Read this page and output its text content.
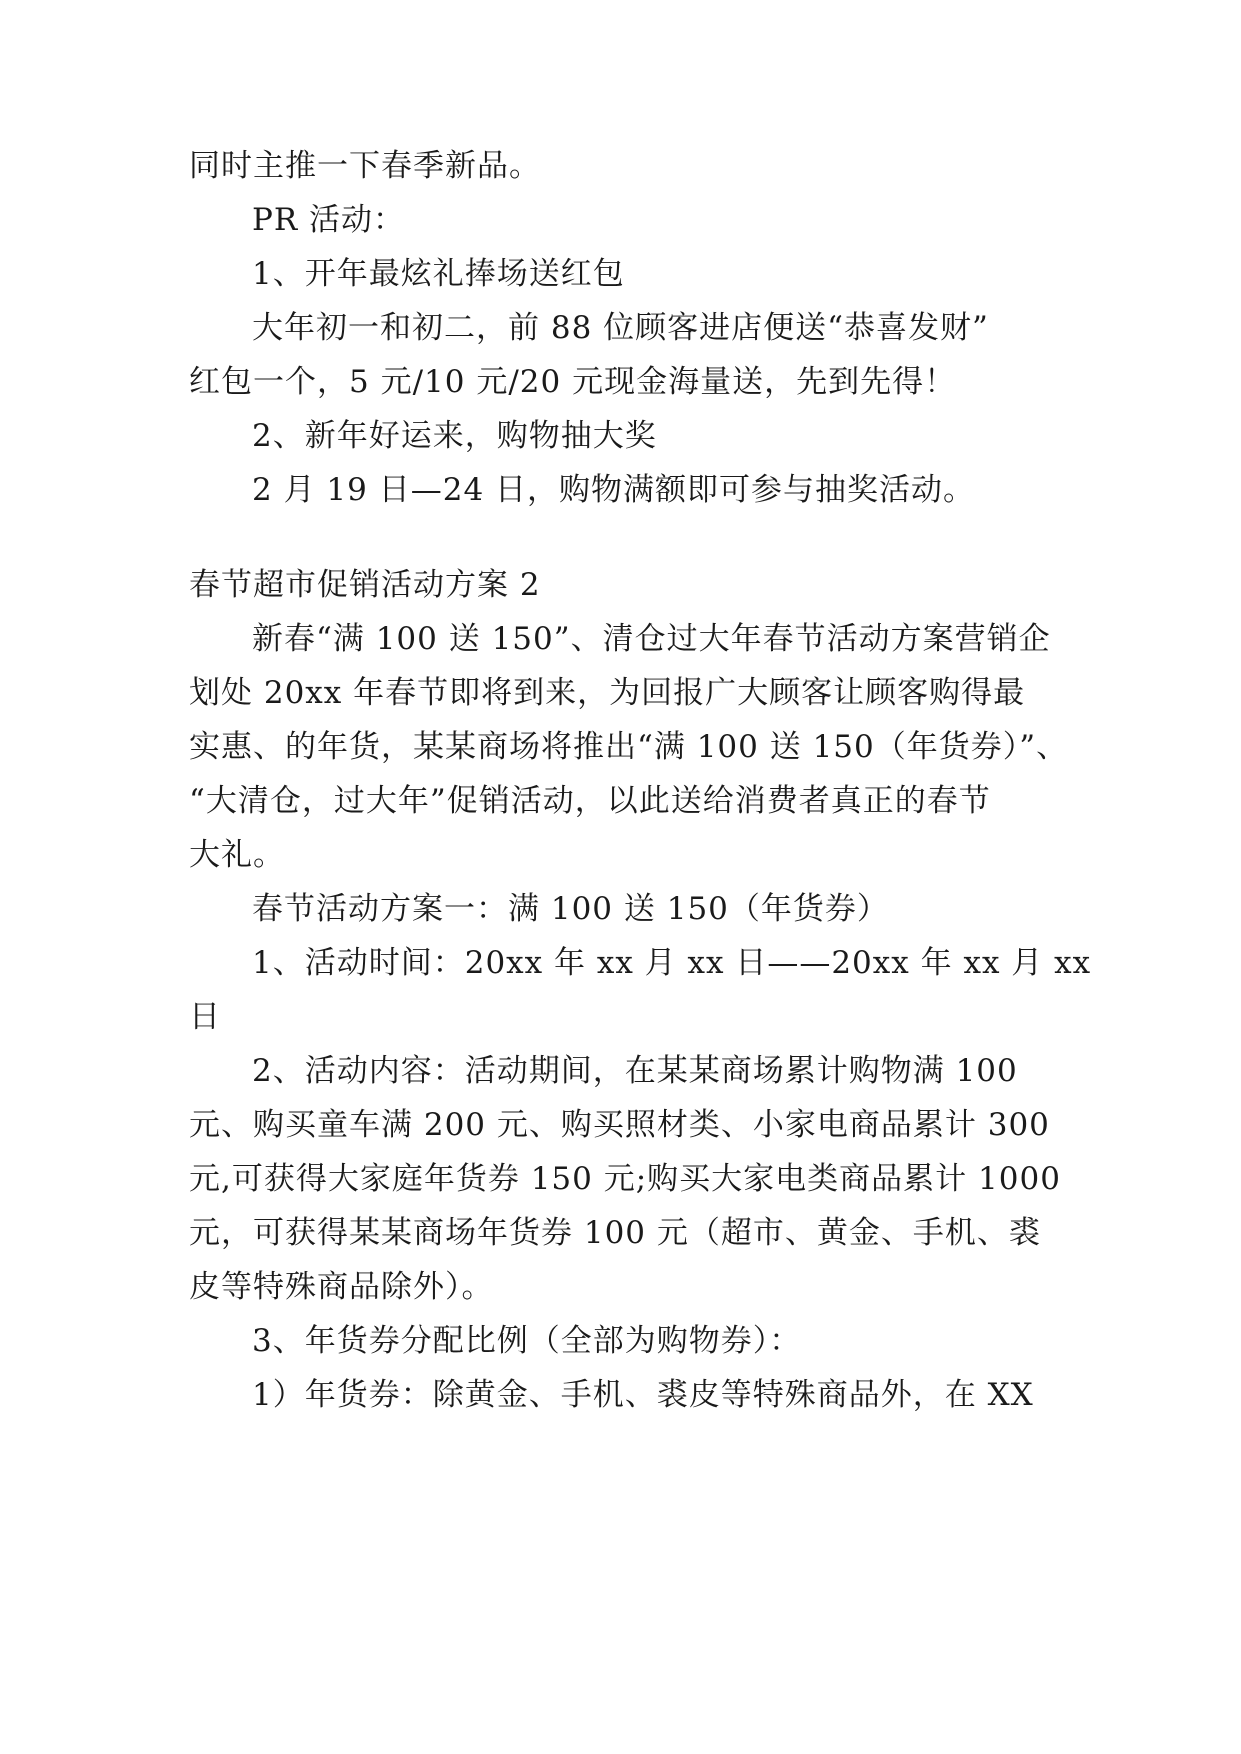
同时主推一下春季新品。

PR 活动：

1、开年最炫礼捧场送红包

大年初一和初二，前 88 位顾客进店便送“恭喜发财”

红包一个，5 元/10 元/20 元现金海量送，先到先得！

2、新年好运来，购物抽大奖

2 月 19 日—24 日，购物满额即可参与抽奖活动。

春节超市促销活动方案 2

新春“满 100 送 150”、清仓过大年春节活动方案营销企

划处 20xx 年春节即将到来，为回报广大顾客让顾客购得最

实惠、的年货，某某商场将推出“满 100 送 150（年货券）”、

“大清仓，过大年”促销活动，以此送给消费者真正的春节

大礼。

春节活动方案一：满 100 送 150（年货券）

1、活动时间：20xx 年 xx 月 xx 日——20xx 年 xx 月 xx

日

2、活动内容：活动期间，在某某商场累计购物满 100

元、购买童车满 200 元、购买照材类、小家电商品累计 300

元,可获得大家庭年货券 150 元;购买大家电类商品累计 1000

元，可获得某某商场年货券 100 元（超市、黄金、手机、裘

皮等特殊商品除外）。

3、年货券分配比例（全部为购物券）：

1）年货券：除黄金、手机、裘皮等特殊商品外，在 XX
